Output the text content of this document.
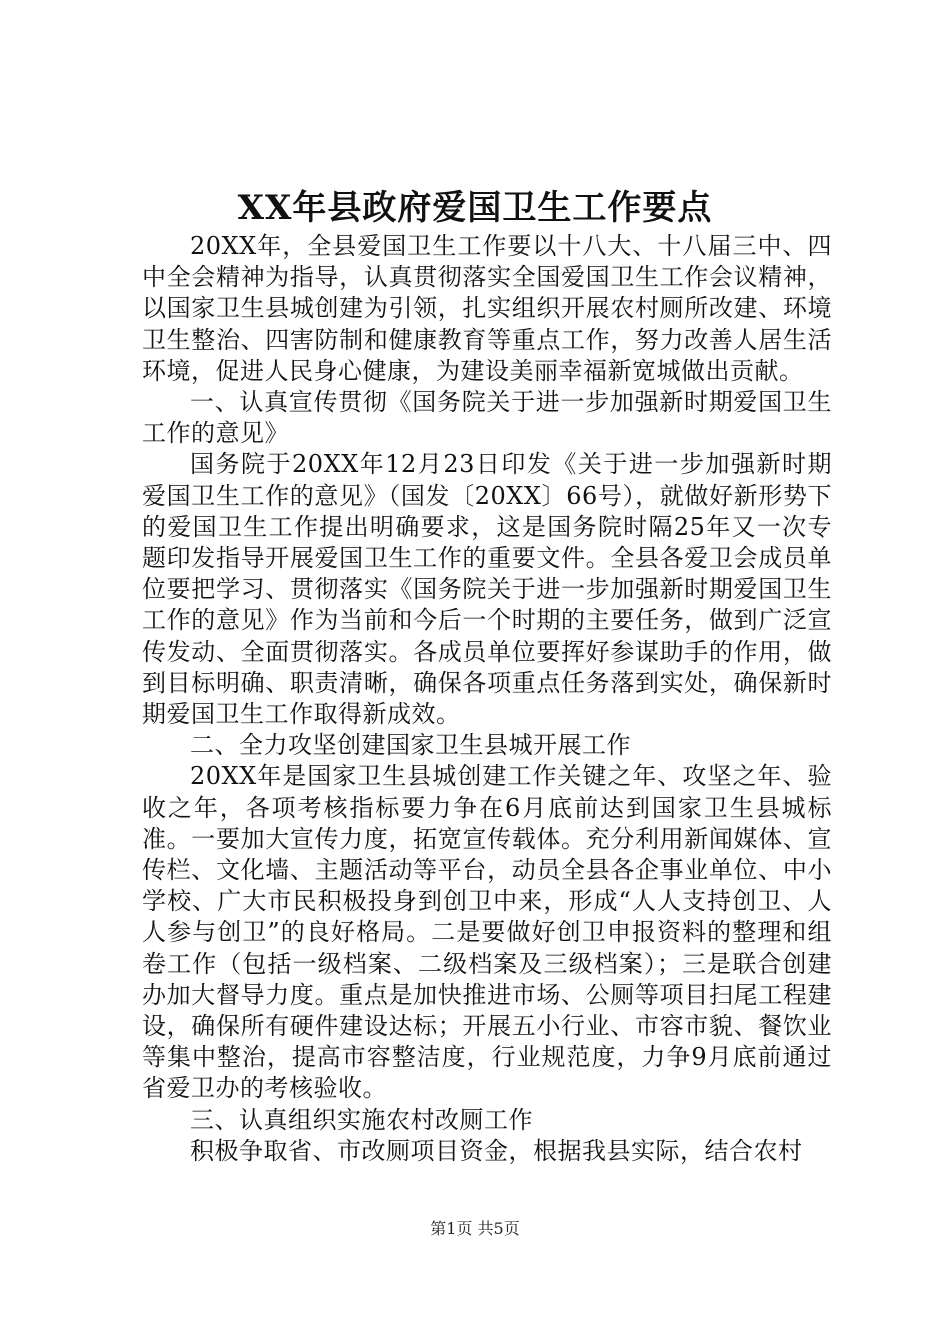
XX年县政府爱国卫生工作要点

20XX年，全县爱国卫生工作要以十八大、十八届三中、四中全会精神为指导，认真贯彻落实全国爱国卫生工作会议精神，以国家卫生县城创建为引领，扎实组织开展农村厕所改建、环境卫生整治、四害防制和健康教育等重点工作，努力改善人居生活环境，促进人民身心健康，为建设美丽幸福新宽城做出贡献。

一、认真宣传贯彻《国务院关于进一步加强新时期爱国卫生工作的意见》

国务院于20XX年12月23日印发《关于进一步加强新时期爱国卫生工作的意见》（国发〔20XX〕66号），就做好新形势下的爱国卫生工作提出明确要求，这是国务院时隔25年又一次专题印发指导开展爱国卫生工作的重要文件。全县各爱卫会成员单位要把学习、贯彻落实《国务院关于进一步加强新时期爱国卫生工作的意见》作为当前和今后一个时期的主要任务，做到广泛宣传发动、全面贯彻落实。各成员单位要挥好参谋助手的作用，做到目标明确、职责清晰，确保各项重点任务落到实处，确保新时期爱国卫生工作取得新成效。

二、全力攻坚创建国家卫生县城开展工作

20XX年是国家卫生县城创建工作关键之年、攻坚之年、验收之年，各项考核指标要力争在6月底前达到国家卫生县城标准。一要加大宣传力度，拓宽宣传载体。充分利用新闻媒体、宣传栏、文化墙、主题活动等平台，动员全县各企事业单位、中小学校、广大市民积极投身到创卫中来，形成“人人支持创卫、人人参与创卫”的良好格局。二是要做好创卫申报资料的整理和组卷工作（包括一级档案、二级档案及三级档案）；三是联合创建办加大督导力度。重点是加快推进市场、公厕等项目扫尾工程建设，确保所有硬件建设达标；开展五小行业、市容市貌、餐饮业等集中整治，提高市容整洁度，行业规范度，力争9月底前通过省爱卫办的考核验收。

三、认真组织实施农村改厕工作

积极争取省、市改厕项目资金，根据我县实际，结合农村

第1页 共5页
